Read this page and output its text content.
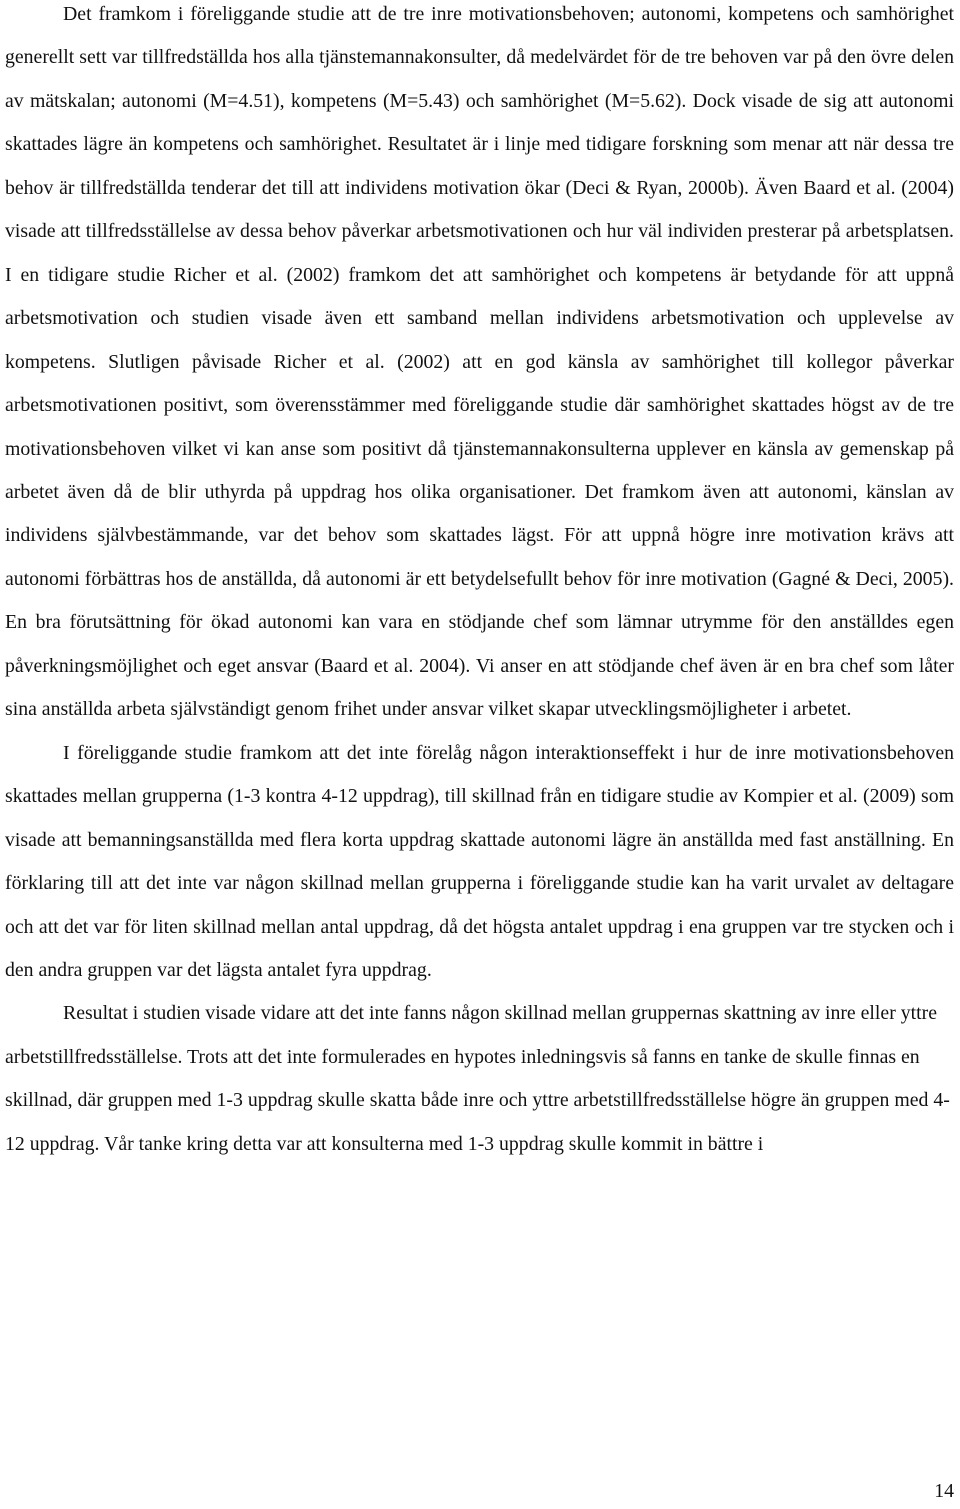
Det framkom i föreliggande studie att de tre inre motivationsbehoven; autonomi, kompetens och samhörighet generellt sett var tillfredställda hos alla tjänstemannakonsulter, då medelvärdet för de tre behoven var på den övre delen av mätskalan; autonomi (M=4.51), kompetens (M=5.43) och samhörighet (M=5.62). Dock visade de sig att autonomi skattades lägre än kompetens och samhörighet. Resultatet är i linje med tidigare forskning som menar att när dessa tre behov är tillfredställda tenderar det till att individens motivation ökar (Deci & Ryan, 2000b). Även Baard et al. (2004) visade att tillfredsställelse av dessa behov påverkar arbetsmotivationen och hur väl individen presterar på arbetsplatsen. I en tidigare studie Richer et al. (2002) framkom det att samhörighet och kompetens är betydande för att uppnå arbetsmotivation och studien visade även ett samband mellan individens arbetsmotivation och upplevelse av kompetens. Slutligen påvisade Richer et al. (2002) att en god känsla av samhörighet till kollegor påverkar arbetsmotivationen positivt, som överensstämmer med föreliggande studie där samhörighet skattades högst av de tre motivationsbehoven vilket vi kan anse som positivt då tjänstemannakonsulterna upplever en känsla av gemenskap på arbetet även då de blir uthyrda på uppdrag hos olika organisationer. Det framkom även att autonomi, känslan av individens självbestämmande, var det behov som skattades lägst. För att uppnå högre inre motivation krävs att autonomi förbättras hos de anställda, då autonomi är ett betydelsefullt behov för inre motivation (Gagné & Deci, 2005). En bra förutsättning för ökad autonomi kan vara en stödjande chef som lämnar utrymme för den anställdes egen påverkningsmöjlighet och eget ansvar (Baard et al. 2004). Vi anser en att stödjande chef även är en bra chef som låter sina anställda arbeta självständigt genom frihet under ansvar vilket skapar utvecklingsmöjligheter i arbetet.

I föreliggande studie framkom att det inte förelåg någon interaktionseffekt i hur de inre motivationsbehoven skattades mellan grupperna (1-3 kontra 4-12 uppdrag), till skillnad från en tidigare studie av Kompier et al. (2009) som visade att bemanningsanställda med flera korta uppdrag skattade autonomi lägre än anställda med fast anställning. En förklaring till att det inte var någon skillnad mellan grupperna i föreliggande studie kan ha varit urvalet av deltagare och att det var för liten skillnad mellan antal uppdrag, då det högsta antalet uppdrag i ena gruppen var tre stycken och i den andra gruppen var det lägsta antalet fyra uppdrag.

Resultat i studien visade vidare att det inte fanns någon skillnad mellan gruppernas skattning av inre eller yttre arbetstillfredsställelse. Trots att det inte formulerades en hypotes inledningsvis så fanns en tanke de skulle finnas en skillnad, där gruppen med 1-3 uppdrag skulle skatta både inre och yttre arbetstillfredsställelse högre än gruppen med 4-12 uppdrag. Vår tanke kring detta var att konsulterna med 1-3 uppdrag skulle kommit in bättre i

14
